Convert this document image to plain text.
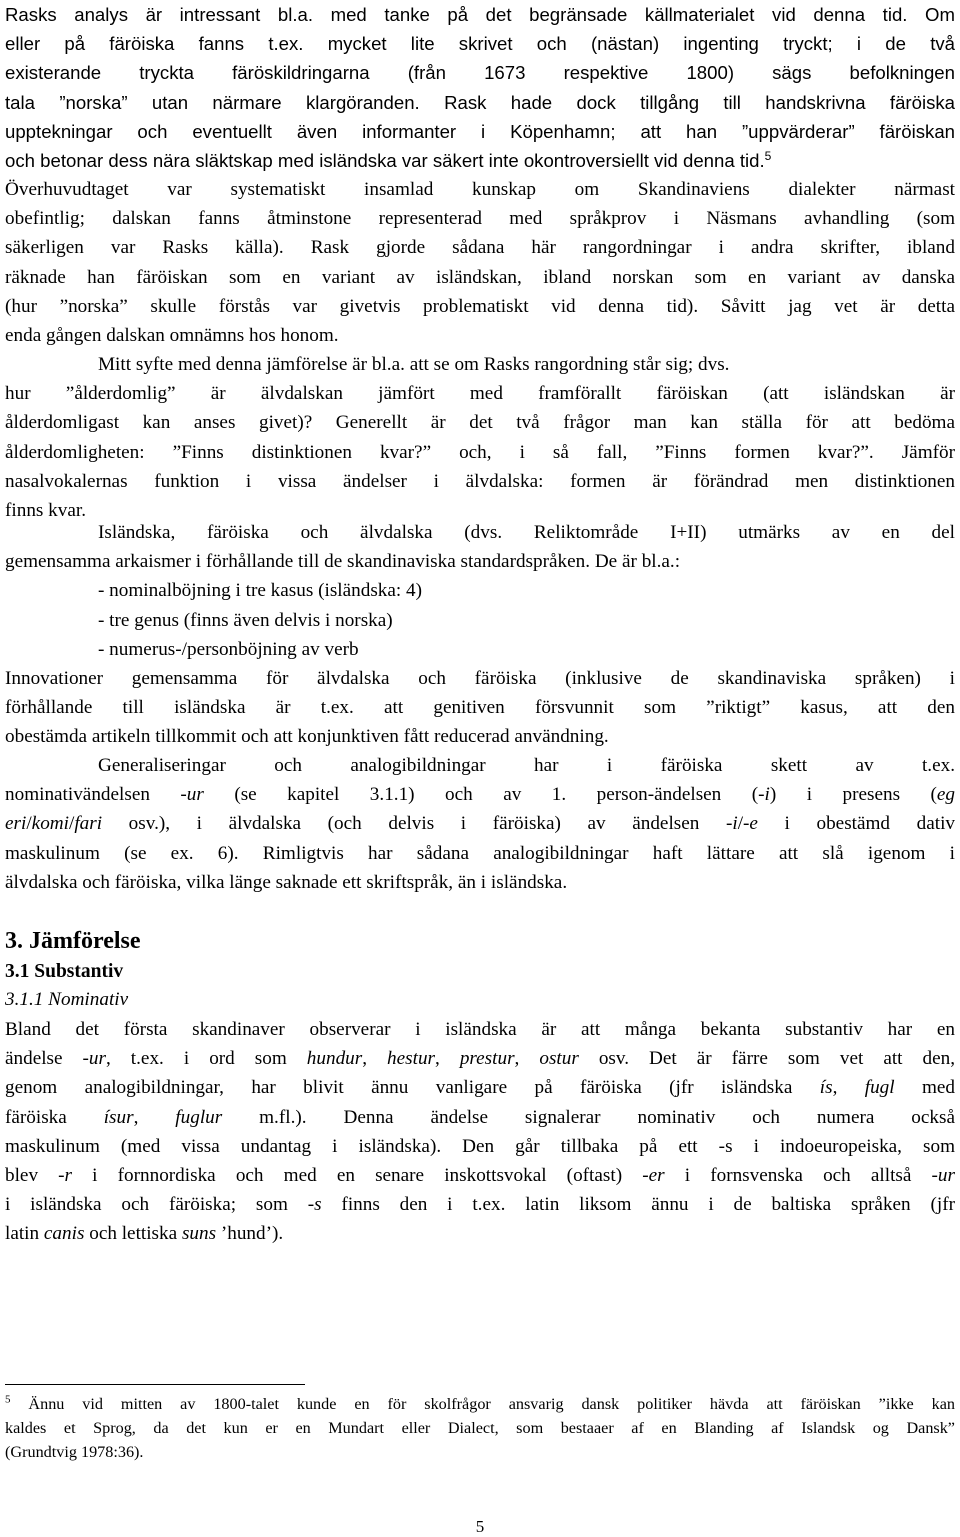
Rasks analys är intressant bl.a. med tanke på det begränsade källmaterialet vid denna tid. Om
eller på färöiska fanns t.ex. mycket lite skrivet och (nästan) ingenting tryckt; i de två
existerande tryckta färöskildringarna (från 1673 respektive 1800) sägs befolkningen
tala ”norska” utan närmare klargöranden. Rask hade dock tillgång till handskrivna färöiska
upptekningar och eventuellt även informanter i Köpenhamn; att han ”uppvärderar” färöiskan
och betonar dess nära släktskap med isländska var säkert inte okontroversiellt vid denna tid.$^5$
Överhuvudtaget var systematiskt insamlad kunskap om Skandinaviens dialekter närmast
obefintlig; dalskan fanns åtminstone representerad med språkprov i Näsmans avhandling (som
säkerligen var Rasks källa). Rask gjorde sådana här rangordningar i andra skrifter, ibland
räknade han färöiskan som en variant av isländskan, ibland norskan som en variant av danska
(hur ”norska” skulle förstås var givetvis problematiskt vid denna tid). Såvitt jag vet är detta
enda gången dalskan omnämns hos honom.
Mitt syfte med denna jämförelse är bl.a. att se om Rasks rangordning står sig; dvs.
hur ”ålderdomlig” är älvdalskan jämfört med framförallt färöiskan (att isländskan är
ålderdomligast kan anses givet)? Generellt är det två frågor man kan ställa för att bedöma
ålderdomligheten: ”Finns distinktionen kvar?” och, i så fall, ”Finns formen kvar?”. Jämför
nasalvokalernas funktion i vissa ändelser i älvdalska: formen är förändrad men distinktionen
finns kvar.
Isländska, färöiska och älvdalska (dvs. Reliktområde I+II) utmärks av en del
gemensamma arkaismer i förhållande till de skandinaviska standardspråken. De är bl.a.:
- nominalböjning i tre kasus (isländska: 4)
- tre genus (finns även delvis i norska)
- numerus-/personböjning av verb
Innovationer gemensamma för älvdalska och färöiska (inklusive de skandinaviska språken) i
förhållande till isländska är t.ex. att genitiven försvunnit som ”riktigt” kasus, att den
obestämda artikeln tillkommit och att konjunktiven fått reducerad användning.
Generaliseringar och analogibildningar har i färöiska skett av t.ex.
nominativändelsen -ur (se kapitel 3.1.1) och av 1. person-ändelsen (-i) i presens (eg
eri/komi/fari osv.), i älvdalska (och delvis i färöiska) av ändelsen -i/-e i obestämd dativ
maskulinum (se ex. 6). Rimligtvis har sådana analogibildningar haft lättare att slå igenom i
älvdalska och färöiska, vilka länge saknade ett skriftspråk, än i isländska.
3. Jämförelse
3.1 Substantiv
3.1.1 Nominativ
Bland det första skandinaver observerar i isländska är att många bekanta substantiv har en
ändelse -ur, t.ex. i ord som hundur, hestur, prestur, ostur osv. Det är färre som vet att den,
genom analogibildningar, har blivit ännu vanligare på färöiska (jfr isländska ís, fugl med
färöiska ísur, fuglur m.fl.). Denna ändelse signalerar nominativ och numera också
maskulinum (med vissa undantag i isländska). Den går tillbaka på ett -s i indoeuropeiska, som
blev -r i fornnordiska och med en senare inskottsvokal (oftast) -er i fornsvenska och alltså -ur
i isländska och färöiska; som -s finns den i t.ex. latin liksom ännu i de baltiska språken (jfr
latin canis och lettiska suns ’hund’).
$^5$ Ännu vid mitten av 1800-talet kunde en för skolfrågor ansvarig dansk politiker hävda att färöiskan ”ikke kan
kaldes et Sprog, da det kun er en Mundart eller Dialect, som bestaaer af en Blanding af Islandsk og Dansk”
(Grundtvig 1978:36).
5
